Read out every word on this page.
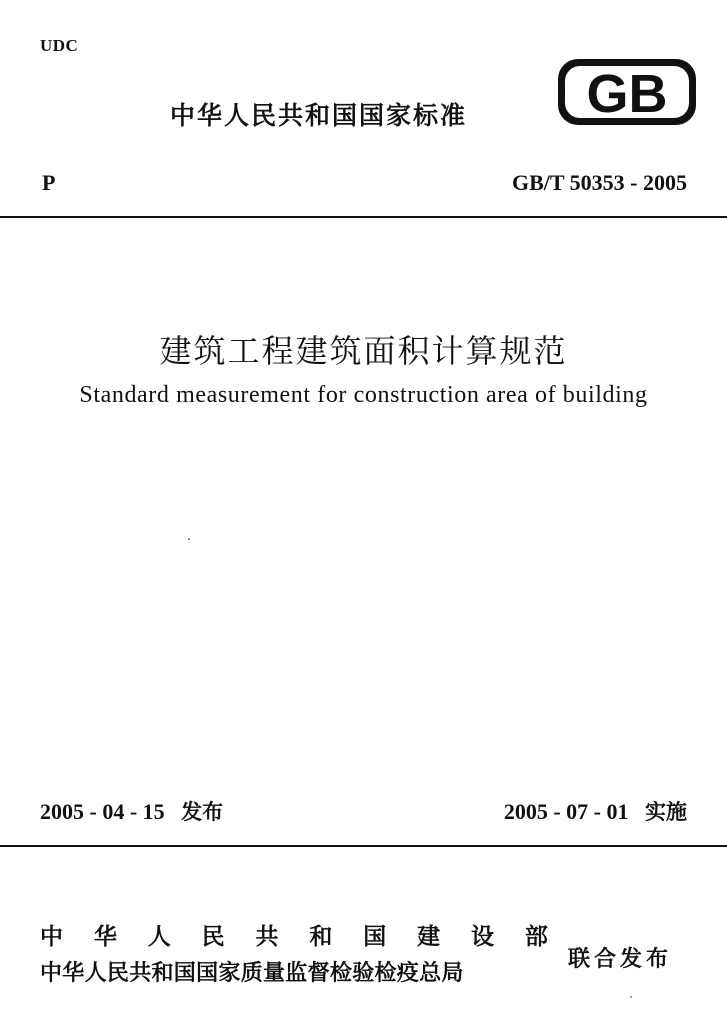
UDC
中华人民共和国国家标准 GB
P	GB/T 50353 - 2005
建筑工程建筑面积计算规范
Standard measurement for construction area of building
2005 - 04 - 15 发布	2005 - 07 - 01 实施
中 华 人 民 共 和 国 建 设 部
中华人民共和国国家质量监督检验检疫总局
联合发布
